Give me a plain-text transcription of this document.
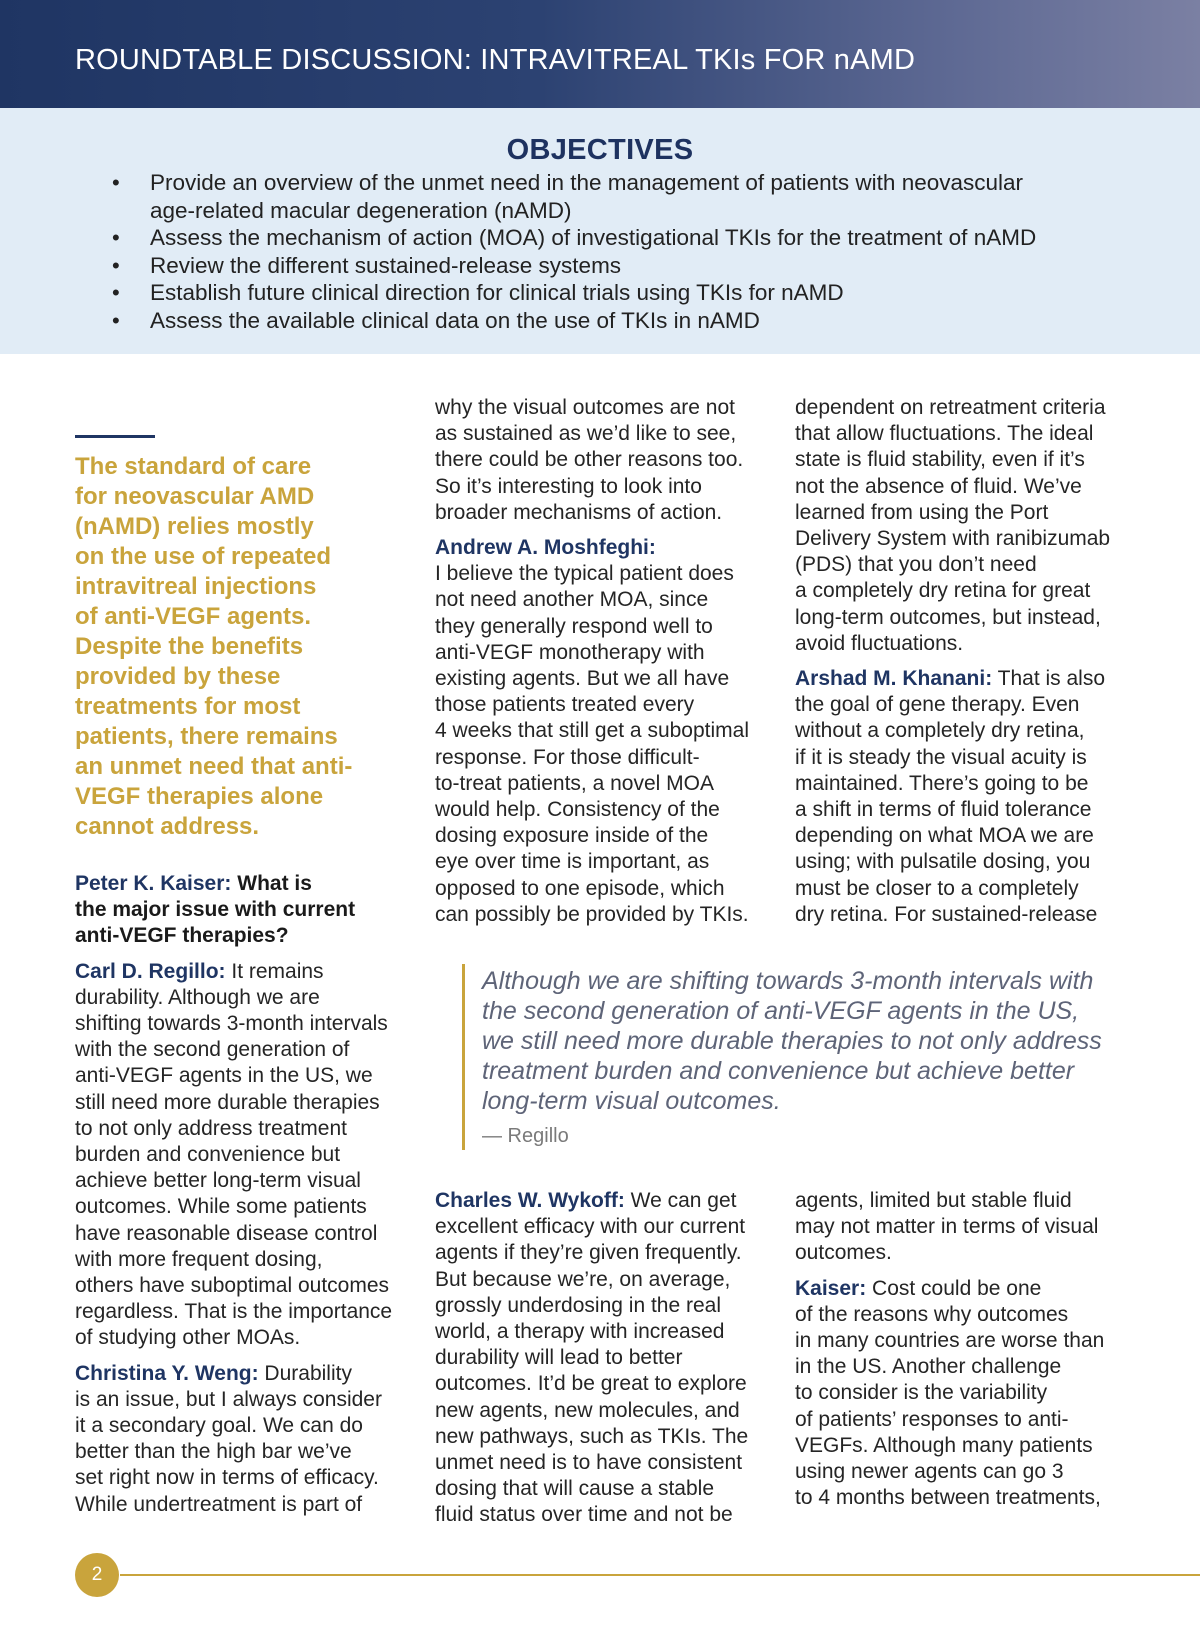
ROUNDTABLE DISCUSSION: INTRAVITREAL TKIs FOR nAMD
OBJECTIVES
• Provide an overview of the unmet need in the management of patients with neovascular
age-related macular degeneration (nAMD)
• Assess the mechanism of action (MOA) of investigational TKIs for the treatment of nAMD
• Review the different sustained-release systems
• Establish future clinical direction for clinical trials using TKIs for nAMD
• Assess the available clinical data on the use of TKIs in nAMD
The standard of care
for neovascular AMD
(nAMD) relies mostly
on the use of repeated
intravitreal injections
of anti-VEGF agents.
Despite the benefits
provided by these
treatments for most
patients, there remains
an unmet need that anti-
VEGF therapies alone
cannot address.

Peter K. Kaiser: What is
the major issue with current
anti-VEGF therapies?

Carl D. Regillo: It remains
durability. Although we are
shifting towards 3-month intervals
with the second generation of
anti-VEGF agents in the US, we
still need more durable therapies
to not only address treatment
burden and convenience but
achieve better long-term visual
outcomes. While some patients
have reasonable disease control
with more frequent dosing,
others have suboptimal outcomes
regardless. That is the importance
of studying other MOAs.

Christina Y. Weng: Durability
is an issue, but I always consider
it a secondary goal. We can do
better than the high bar we’ve
set right now in terms of efficacy.
While undertreatment is part of

why the visual outcomes are not
as sustained as we’d like to see,
there could be other reasons too.
So it’s interesting to look into
broader mechanisms of action.

Andrew A. Moshfeghi:
I believe the typical patient does
not need another MOA, since
they generally respond well to
anti-VEGF monotherapy with
existing agents. But we all have
those patients treated every
4 weeks that still get a suboptimal
response. For those difficult-
to-treat patients, a novel MOA
would help. Consistency of the
dosing exposure inside of the
eye over time is important, as
opposed to one episode, which
can possibly be provided by TKIs.

dependent on retreatment criteria
that allow fluctuations. The ideal
state is fluid stability, even if it’s
not the absence of fluid. We’ve
learned from using the Port
Delivery System with ranibizumab
(PDS) that you don’t need
a completely dry retina for great
long-term outcomes, but instead,
avoid fluctuations.

Arshad M. Khanani: That is also
the goal of gene therapy. Even
without a completely dry retina,
if it is steady the visual acuity is
maintained. There’s going to be
a shift in terms of fluid tolerance
depending on what MOA we are
using; with pulsatile dosing, you
must be closer to a completely
dry retina. For sustained-release

Although we are shifting towards 3-month intervals with
the second generation of anti-VEGF agents in the US,
we still need more durable therapies to not only address
treatment burden and convenience but achieve better
long-term visual outcomes.
— Regillo

Charles W. Wykoff: We can get
excellent efficacy with our current
agents if they’re given frequently.
But because we’re, on average,
grossly underdosing in the real
world, a therapy with increased
durability will lead to better
outcomes. It’d be great to explore
new agents, new molecules, and
new pathways, such as TKIs. The
unmet need is to have consistent
dosing that will cause a stable
fluid status over time and not be

agents, limited but stable fluid
may not matter in terms of visual
outcomes.

Kaiser: Cost could be one
of the reasons why outcomes
in many countries are worse than
in the US. Another challenge
to consider is the variability
of patients’ responses to anti-
VEGFs. Although many patients
using newer agents can go 3
to 4 months between treatments,

2
